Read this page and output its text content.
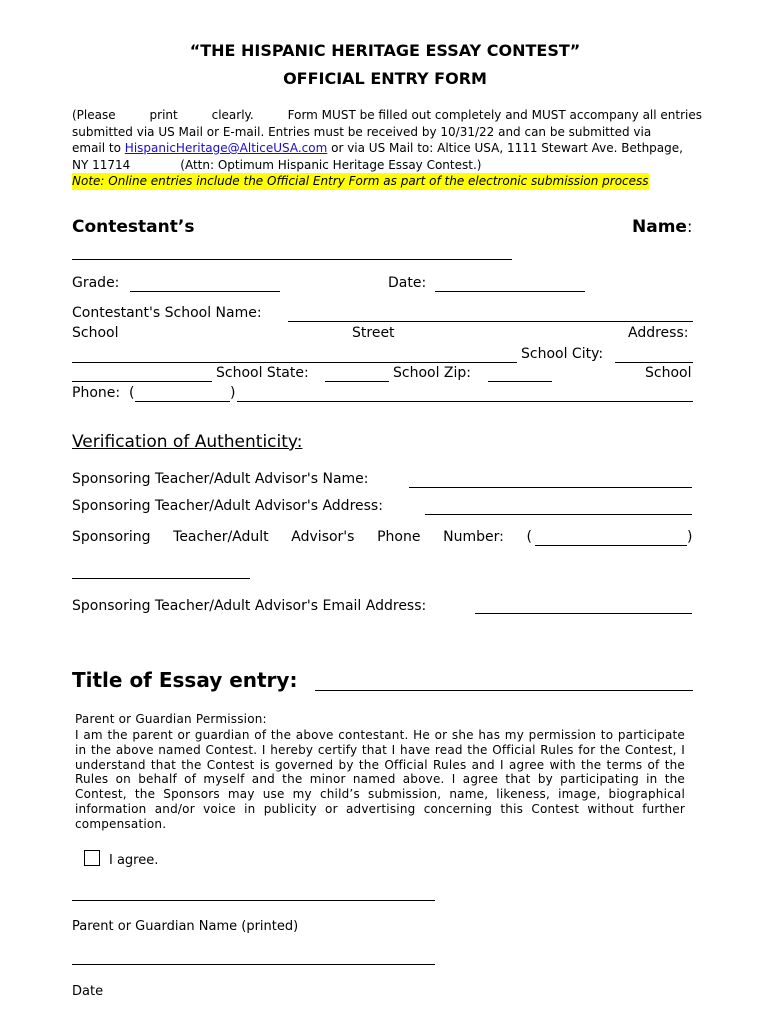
“THE HISPANIC HERITAGE ESSAY CONTEST”
OFFICIAL ENTRY FORM
(Please	print	clearly.	Form MUST be filled out completely and MUST accompany all entries
submitted via US Mail or E-mail. Entries must be received by 10/31/22 and can be submitted via
email to HispanicHeritage@AlticeUSA.com or via US Mail to: Altice USA, 1111 Stewart Ave. Bethpage,
NY 11714	(Attn: Optimum Hispanic Heritage Essay Contest.)
Note: Online entries include the Official Entry Form as part of the electronic submission process
Contestant’s	Name:
Grade:	Date:
Contestant's School Name:
School	Street	Address:
School City:
School State:	School Zip:	School
Phone: (	)
Verification of Authenticity:
Sponsoring Teacher/Adult Advisor's Name:
Sponsoring Teacher/Adult Advisor's Address:
Sponsoring Teacher/Adult Advisor's Phone Number: (	)
Sponsoring Teacher/Adult Advisor's Email Address:
Title of Essay entry:
Parent or Guardian Permission:
I am the parent or guardian of the above contestant. He or she has my permission to participate in the above named Contest. I hereby certify that I have read the Official Rules for the Contest, I understand that the Contest is governed by the Official Rules and I agree with the terms of the Rules on behalf of myself and the minor named above. I agree that by participating in the Contest, the Sponsors may use my child’s submission, name, likeness, image, biographical information and/or voice in publicity or advertising concerning this Contest without further compensation.
I agree.
Parent or Guardian Name (printed)
Date
